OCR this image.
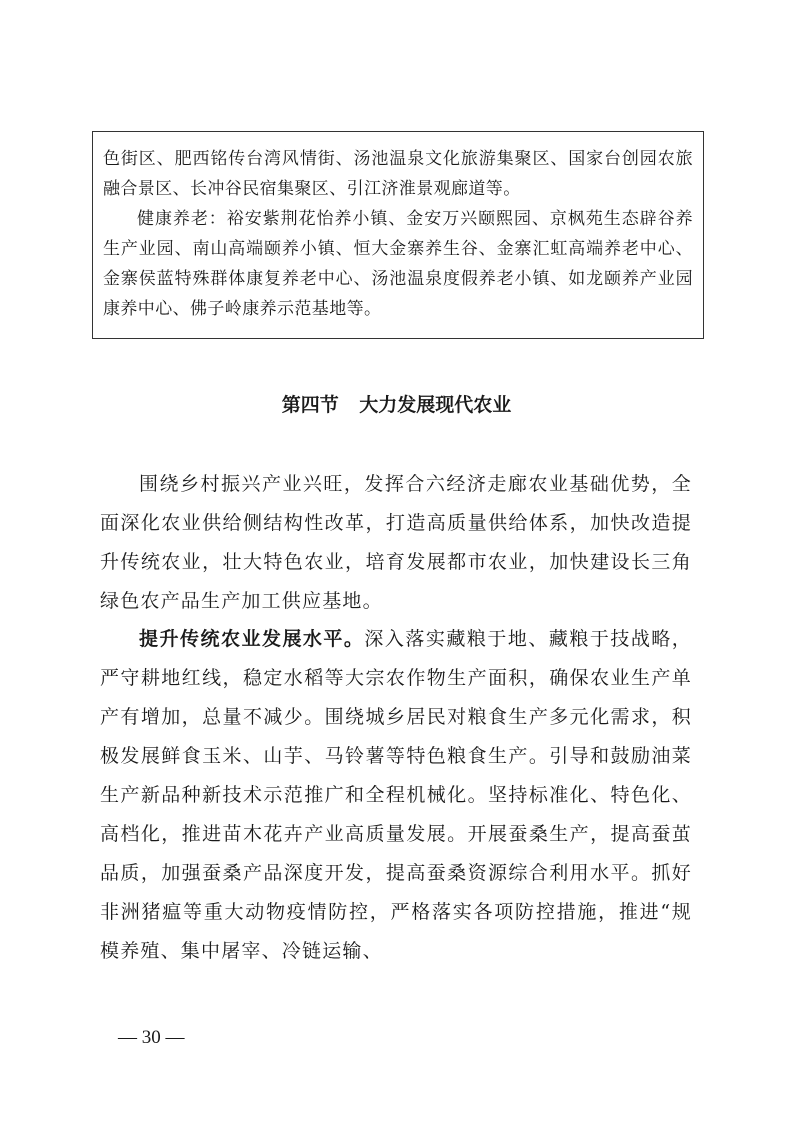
色街区、肥西铭传台湾风情街、汤池温泉文化旅游集聚区、国家台创园农旅融合景区、长冲谷民宿集聚区、引江济淮景观廊道等。

健康养老：裕安紫荆花怡养小镇、金安万兴颐熙园、京枫苑生态辟谷养生产业园、南山高端颐养小镇、恒大金寨养生谷、金寨汇虹高端养老中心、金寨侯蓝特殊群体康复养老中心、汤池温泉度假养老小镇、如龙颐养产业园康养中心、佛子岭康养示范基地等。

第四节 大力发展现代农业

围绕乡村振兴产业兴旺，发挥合六经济走廊农业基础优势，全面深化农业供给侧结构性改革，打造高质量供给体系，加快改造提升传统农业，壮大特色农业，培育发展都市农业，加快建设长三角绿色农产品生产加工供应基地。

提升传统农业发展水平。深入落实藏粮于地、藏粮于技战略，严守耕地红线，稳定水稻等大宗农作物生产面积，确保农业生产单产有增加，总量不减少。围绕城乡居民对粮食生产多元化需求，积极发展鲜食玉米、山芋、马铃薯等特色粮食生产。引导和鼓励油菜生产新品种新技术示范推广和全程机械化。坚持标准化、特色化、高档化，推进苗木花卉产业高质量发展。开展蚕桑生产，提高蚕茧品质，加强蚕桑产品深度开发，提高蚕桑资源综合利用水平。抓好非洲猪瘟等重大动物疫情防控，严格落实各项防控措施，推进“规模养殖、集中屠宰、冷链运输、

— 30 —
